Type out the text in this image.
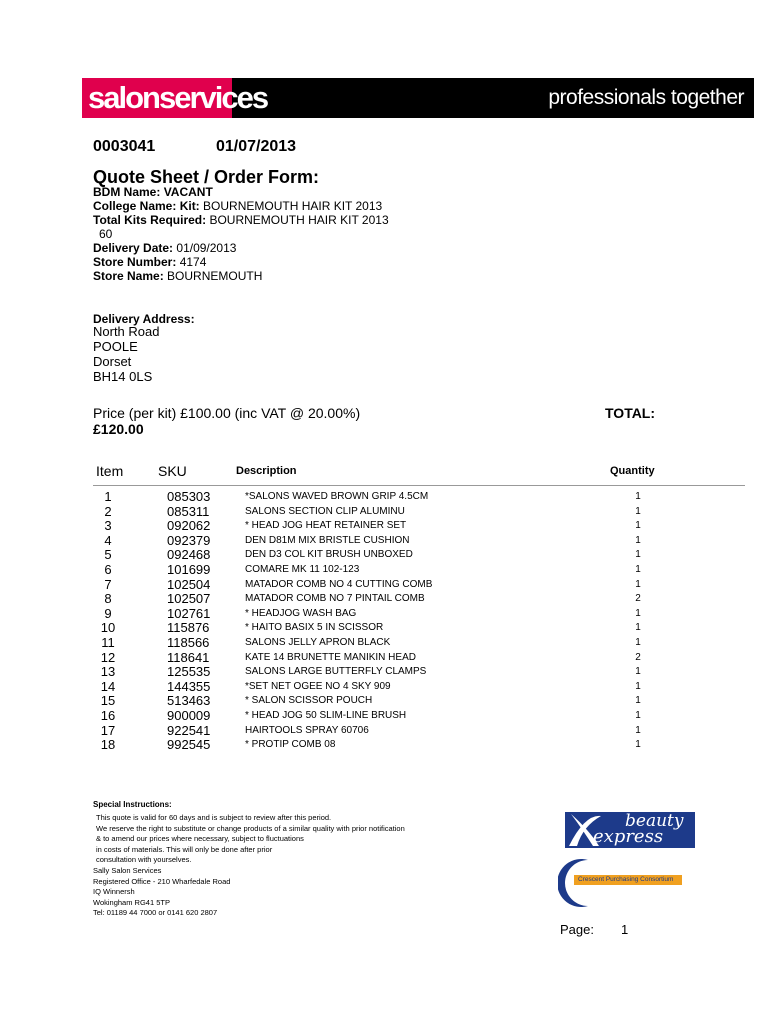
salonservices	professionals together
0003041	01/07/2013
Quote Sheet / Order Form:
BDM Name: VACANT
College Name: Kit: BOURNEMOUTH HAIR KIT 2013
Total Kits Required: BOURNEMOUTH HAIR KIT 2013
60
Delivery Date: 01/09/2013
Store Number: 4174
Store Name: BOURNEMOUTH
Delivery Address:
North Road
POOLE
Dorset
BH14 0LS
Price (per kit) £100.00 (inc VAT @ 20.00%)	TOTAL:
£120.00
Item SKU	Description	Quantity
1	085303	*SALONS WAVED BROWN GRIP 4.5CM	1
2	085311	SALONS SECTION CLIP ALUMINU	1
3	092062	* HEAD JOG HEAT RETAINER SET	1
4	092379	DEN D81M MIX BRISTLE CUSHION	1
5	092468	DEN D3 COL KIT BRUSH UNBOXED	1
6	101699	COMARE MK 11 102-123	1
7	102504	MATADOR COMB NO 4 CUTTING COMB	1
8	102507	MATADOR COMB NO 7 PINTAIL COMB	2
9	102761	* HEADJOG WASH BAG	1
10	115876	* HAITO BASIX 5 IN SCISSOR	1
11	118566	SALONS JELLY APRON BLACK	1
12	118641	KATE 14 BRUNETTE MANIKIN HEAD	2
13	125535	SALONS LARGE BUTTERFLY CLAMPS	1
14	144355	*SET NET OGEE NO 4 SKY 909	1
15	513463	* SALON SCISSOR POUCH	1
16	900009	* HEAD JOG 50 SLIM-LINE BRUSH	1
17	922541	HAIRTOOLS SPRAY 60706	1
18	992545	* PROTIP COMB 08	1
Special Instructions:
This quote is valid for 60 days and is subject to review after this period.
We reserve the right to substitute or change products of a similar quality with prior notification
& to amend our prices where necessary, subject to fluctuations
in costs of materials. This will only be done after prior
consultation with yourselves.
Sally Salon Services
Registered Office - 210 Wharfedale Road
IQ Winnersh
Wokingham RG41 5TP
Tel: 01189 44 7000 or 0141 620 2807
beauty
express
Crescent Purchasing Consortium
Page: 1
